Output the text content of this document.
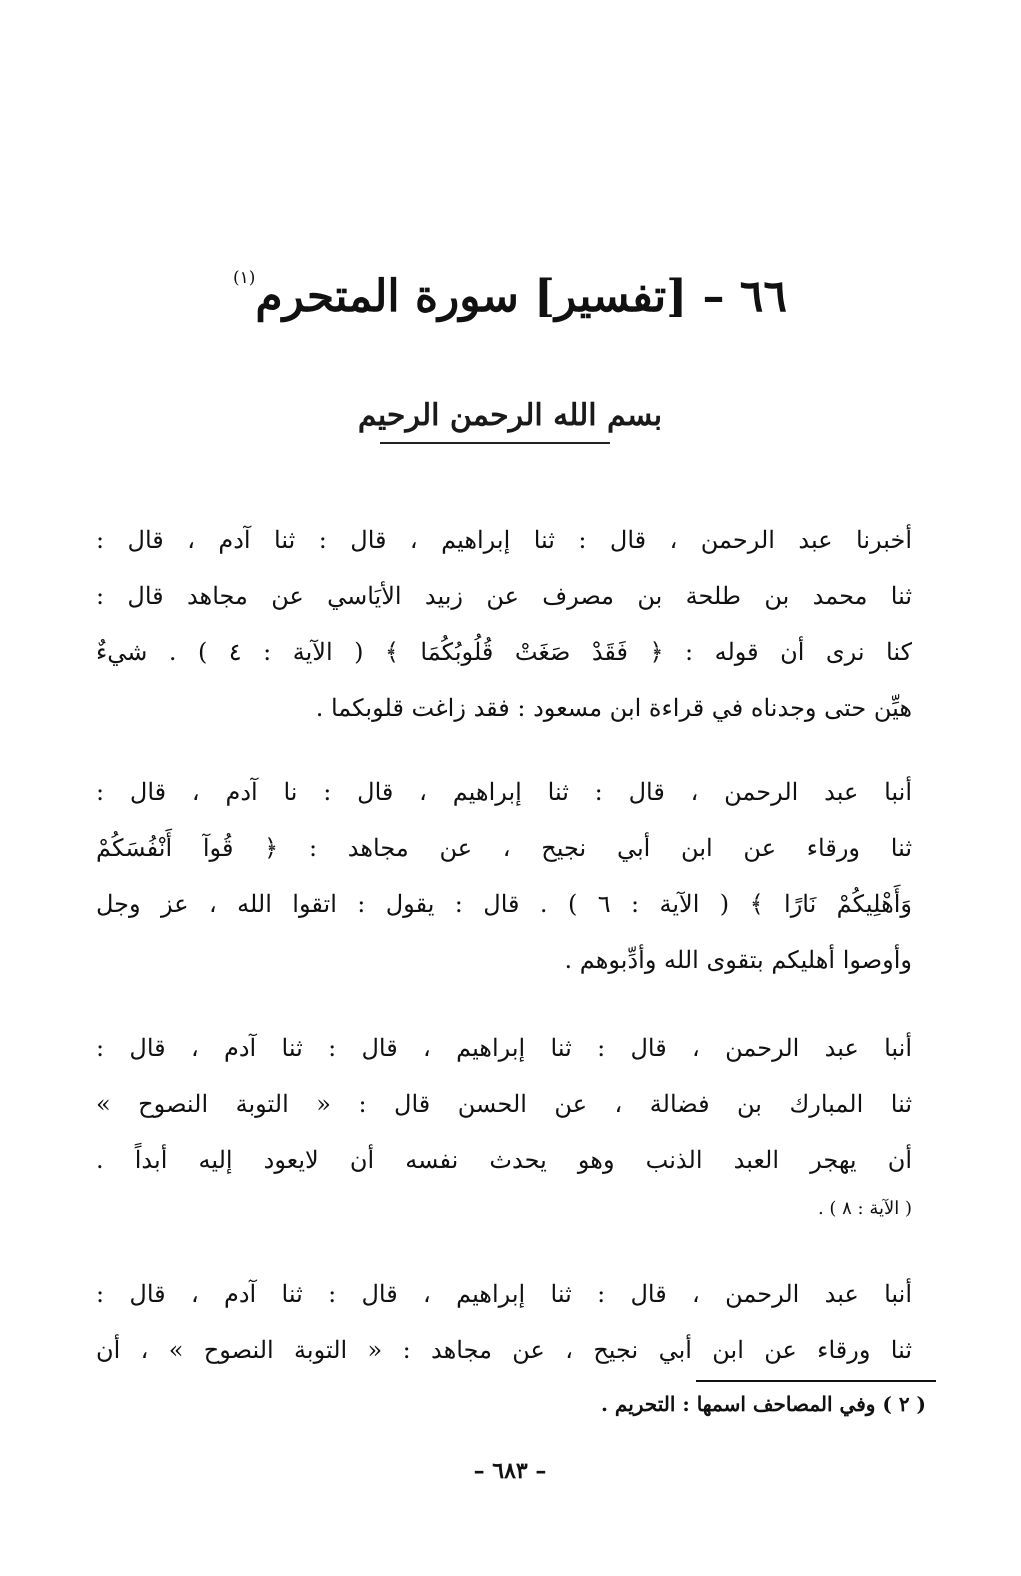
٦٦ – [تفسير] سورة المتحرم$^{(١)}$
بسم الله الرحمن الرحيم
أخبرنا عبد الرحمن ، قال : ثنا إبراهيم ، قال : ثنا آدم ، قال :
ثنا محمد بن طلحة بن مصرف عن زبيد الأيَاسي عن مجاهد قال :
كنا نرى أن قوله : ﴿ فَقَدْ صَغَتْ قُلُوبُكُمَا ﴾ ( الآية : ٤ ) . شيءٌ
هيِّن حتى وجدناه في قراءة ابن مسعود : فقد زاغت قلوبكما .
أنبا عبد الرحمن ، قال : ثنا إبراهيم ، قال : نا آدم ، قال :
ثنا ورقاء عن ابن أبي نجيح ، عن مجاهد : ﴿ قُوآ أَنْفُسَكُمْ
وَأَهْلِيكُمْ نَارًا ﴾ ( الآية : ٦ ) . قال : يقول : اتقوا الله ، عز وجل
وأوصوا أهليكم بتقوى الله وأدِّبوهم .
أنبا عبد الرحمن ، قال : ثنا إبراهيم ، قال : ثنا آدم ، قال :
ثنا المبارك بن فضالة ، عن الحسن قال : « التوبة النصوح »
أن يهجر العبد الذنب وهو يحدث نفسه أن لايعود إليه أبداً .
( الآية : ٨ ) .
أنبا عبد الرحمن ، قال : ثنا إبراهيم ، قال : ثنا آدم ، قال :
ثنا ورقاء عن ابن أبي نجيح ، عن مجاهد : « التوبة النصوح » ، أن
( ٢ ) وفي المصاحف اسمها : التحريم .
– ٦٨٣ –
